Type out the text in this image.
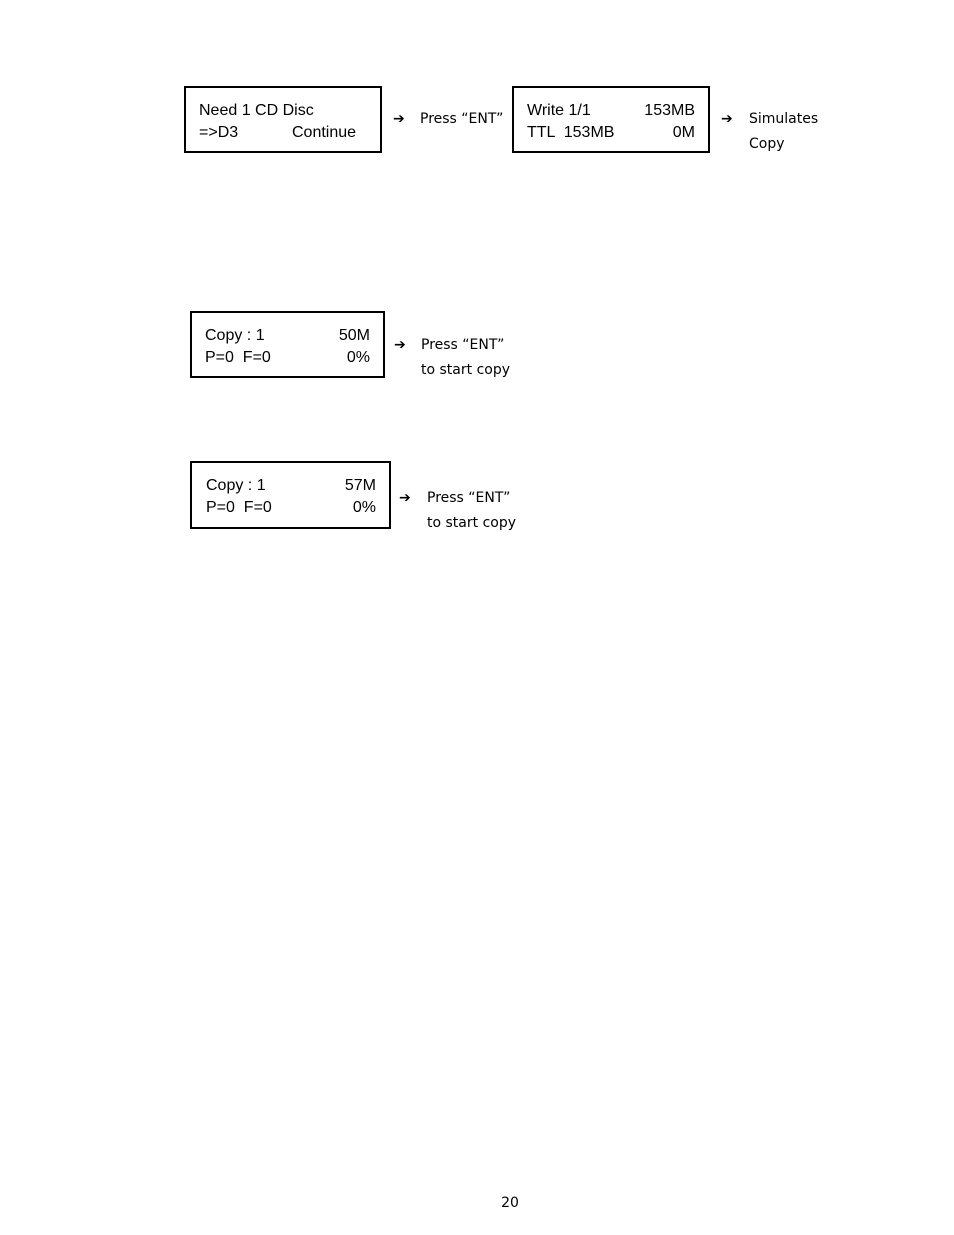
Need 1 CD Disc
=>D3	Continue
➔ Press “ENT” Write 1/1	153MB
TTL  153MB	0M
➔ Simulates
Copy
Copy : 1	50M
P=0  F=0	0%
➔ Press “ENT”
to start copy
Copy : 1	57M
P=0  F=0	0%
➔ Press “ENT”
to start copy
20
